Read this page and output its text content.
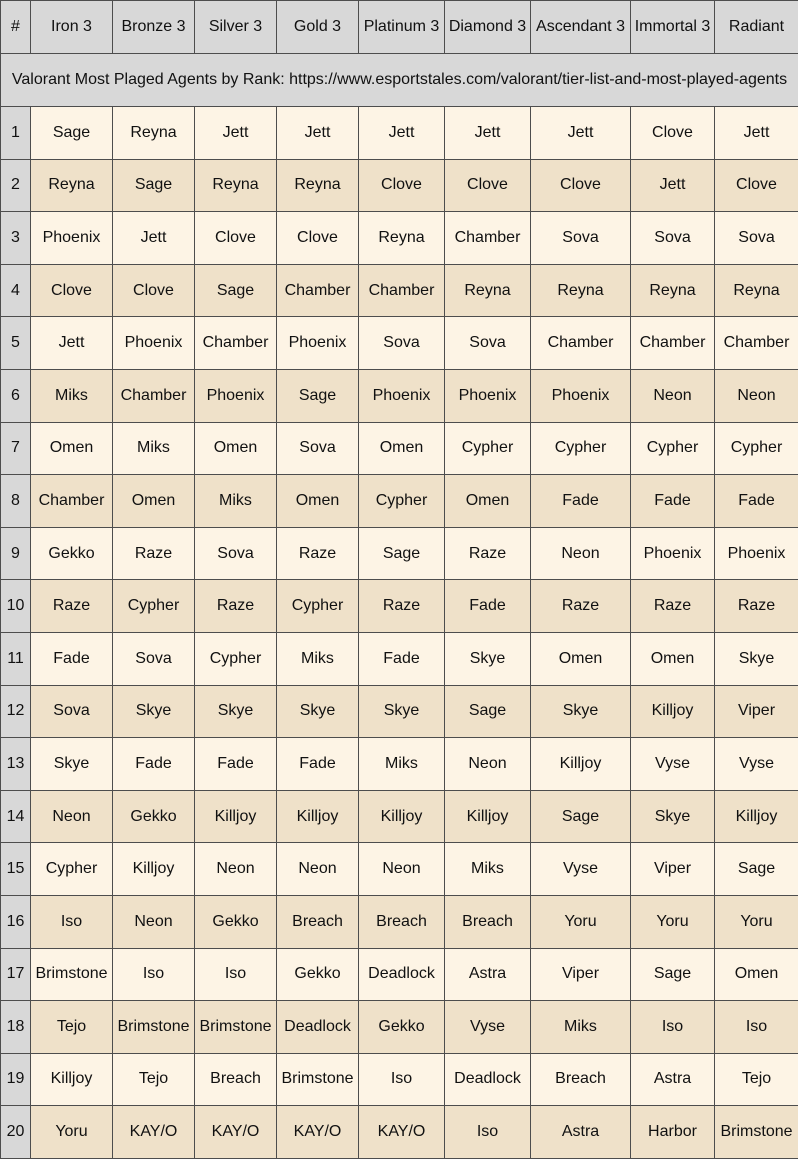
#	Iron 3	Bronze 3	Silver 3	Gold 3	Platinum 3	Diamond 3	Ascendant 3	Immortal 3	Radiant
Valorant Most Plaged Agents by Rank: https://www.esportstales.com/valorant/tier-list-and-most-played-agents									
1	Sage	Reyna	Jett	Jett	Jett	Jett	Jett	Clove	Jett
2	Reyna	Sage	Reyna	Reyna	Clove	Clove	Clove	Jett	Clove
3	Phoenix	Jett	Clove	Clove	Reyna	Chamber	Sova	Sova	Sova
4	Clove	Clove	Sage	Chamber	Chamber	Reyna	Reyna	Reyna	Reyna
5	Jett	Phoenix	Chamber	Phoenix	Sova	Sova	Chamber	Chamber	Chamber
6	Miks	Chamber	Phoenix	Sage	Phoenix	Phoenix	Phoenix	Neon	Neon
7	Omen	Miks	Omen	Sova	Omen	Cypher	Cypher	Cypher	Cypher
8	Chamber	Omen	Miks	Omen	Cypher	Omen	Fade	Fade	Fade
9	Gekko	Raze	Sova	Raze	Sage	Raze	Neon	Phoenix	Phoenix
10	Raze	Cypher	Raze	Cypher	Raze	Fade	Raze	Raze	Raze
11	Fade	Sova	Cypher	Miks	Fade	Skye	Omen	Omen	Skye
12	Sova	Skye	Skye	Skye	Skye	Sage	Skye	Killjoy	Viper
13	Skye	Fade	Fade	Fade	Miks	Neon	Killjoy	Vyse	Vyse
14	Neon	Gekko	Killjoy	Killjoy	Killjoy	Killjoy	Sage	Skye	Killjoy
15	Cypher	Killjoy	Neon	Neon	Neon	Miks	Vyse	Viper	Sage
16	Iso	Neon	Gekko	Breach	Breach	Breach	Yoru	Yoru	Yoru
17	Brimstone	Iso	Iso	Gekko	Deadlock	Astra	Viper	Sage	Omen
18	Tejo	Brimstone	Brimstone	Deadlock	Gekko	Vyse	Miks	Iso	Iso
19	Killjoy	Tejo	Breach	Brimstone	Iso	Deadlock	Breach	Astra	Tejo
20	Yoru	KAY/O	KAY/O	KAY/O	KAY/O	Iso	Astra	Harbor	Brimstone
